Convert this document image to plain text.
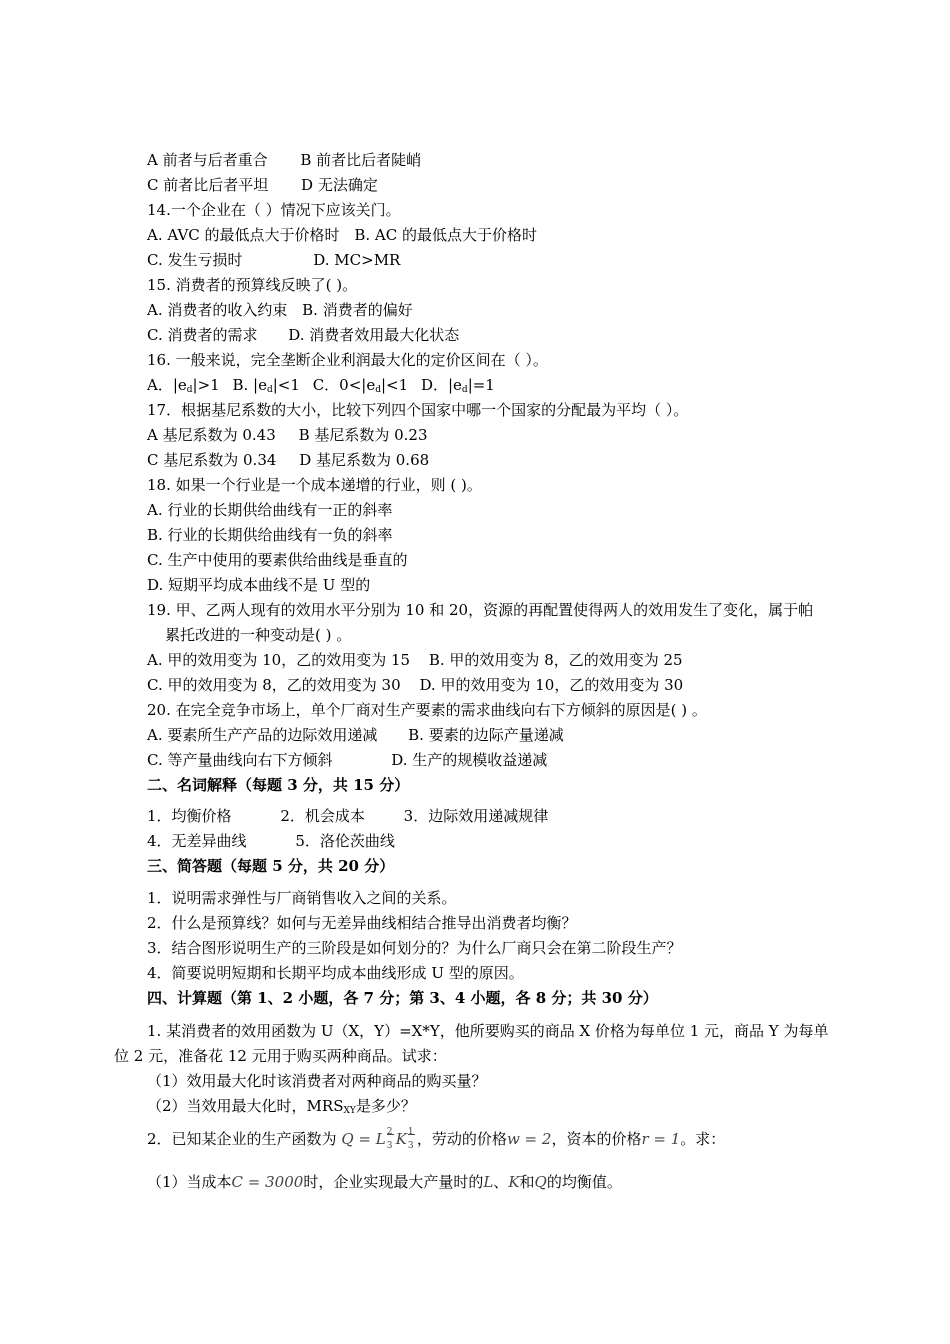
A 前者与后者重合 B 前者比后者陡峭
C 前者比后者平坦 D 无法确定
14.一个企业在（ ）情况下应该关门。
A. AVC 的最低点大于价格时 B. AC 的最低点大于价格时
C. 发生亏损时	D. MC>MR
15. 消费者的预算线反映了( )。
A. 消费者的收入约束 B. 消费者的偏好
C. 消费者的需求 D. 消费者效用最大化状态
16. 一般来说，完全垄断企业利润最大化的定价区间在（ ）。
A．$|e_d|>1$ B. $|e_d|<1$ C．$0<|e_d|<1$ D．$|e_d|=1$
17．根据基尼系数的大小，比较下列四个国家中哪一个国家的分配最为平均（ ）。
A 基尼系数为 0.43 B 基尼系数为 0.23
C 基尼系数为 0.34 D 基尼系数为 0.68
18. 如果一个行业是一个成本递增的行业，则 ( )。
A. 行业的长期供给曲线有一正的斜率
B. 行业的长期供给曲线有一负的斜率
C. 生产中使用的要素供给曲线是垂直的
D. 短期平均成本曲线不是 U 型的
19. 甲、乙两人现有的效用水平分别为 10 和 20，资源的再配置使得两人的效用发生了变化，属于帕
累托改进的一种变动是( ) 。
A. 甲的效用变为 10，乙的效用变为 15 B. 甲的效用变为 8，乙的效用变为 25
C. 甲的效用变为 8，乙的效用变为 30 D. 甲的效用变为 10，乙的效用变为 30
20. 在完全竞争市场上，单个厂商对生产要素的需求曲线向右下方倾斜的原因是( ) 。
A. 要素所生产产品的边际效用递减 B. 要素的边际产量递减
C. 等产量曲线向右下方倾斜	D. 生产的规模收益递减
二、名词解释（每题 3 分，共 15 分）
1．均衡价格	2．机会成本	3．边际效用递减规律
4．无差异曲线	5．洛伦茨曲线
三、简答题（每题 5 分，共 20 分）
1．说明需求弹性与厂商销售收入之间的关系。
2．什么是预算线？如何与无差异曲线相结合推导出消费者均衡？
3．结合图形说明生产的三阶段是如何划分的？为什么厂商只会在第二阶段生产？
4．简要说明短期和长期平均成本曲线形成 U 型的原因。
四、计算题（第 1、2 小题，各 7 分；第 3、4 小题，各 8 分；共 30 分）
1. 某消费者的效用函数为 U（X，Y）=X*Y，他所要购买的商品 X 价格为每单位 1 元，商品 Y 为每单
位 2 元，准备花 12 元用于购买两种商品。试求：
（1）效用最大化时该消费者对两种商品的购买量？
（2）当效用最大化时，$MRS_{XY}$是多少？
2．已知某企业的生产函数为 Q = L 2
3 K 1
3 ，劳动的价格w = 2，资本的价格r = 1。求：
（1）当成本C = 3000时，企业实现最大产量时的L、K和Q的均衡值。
